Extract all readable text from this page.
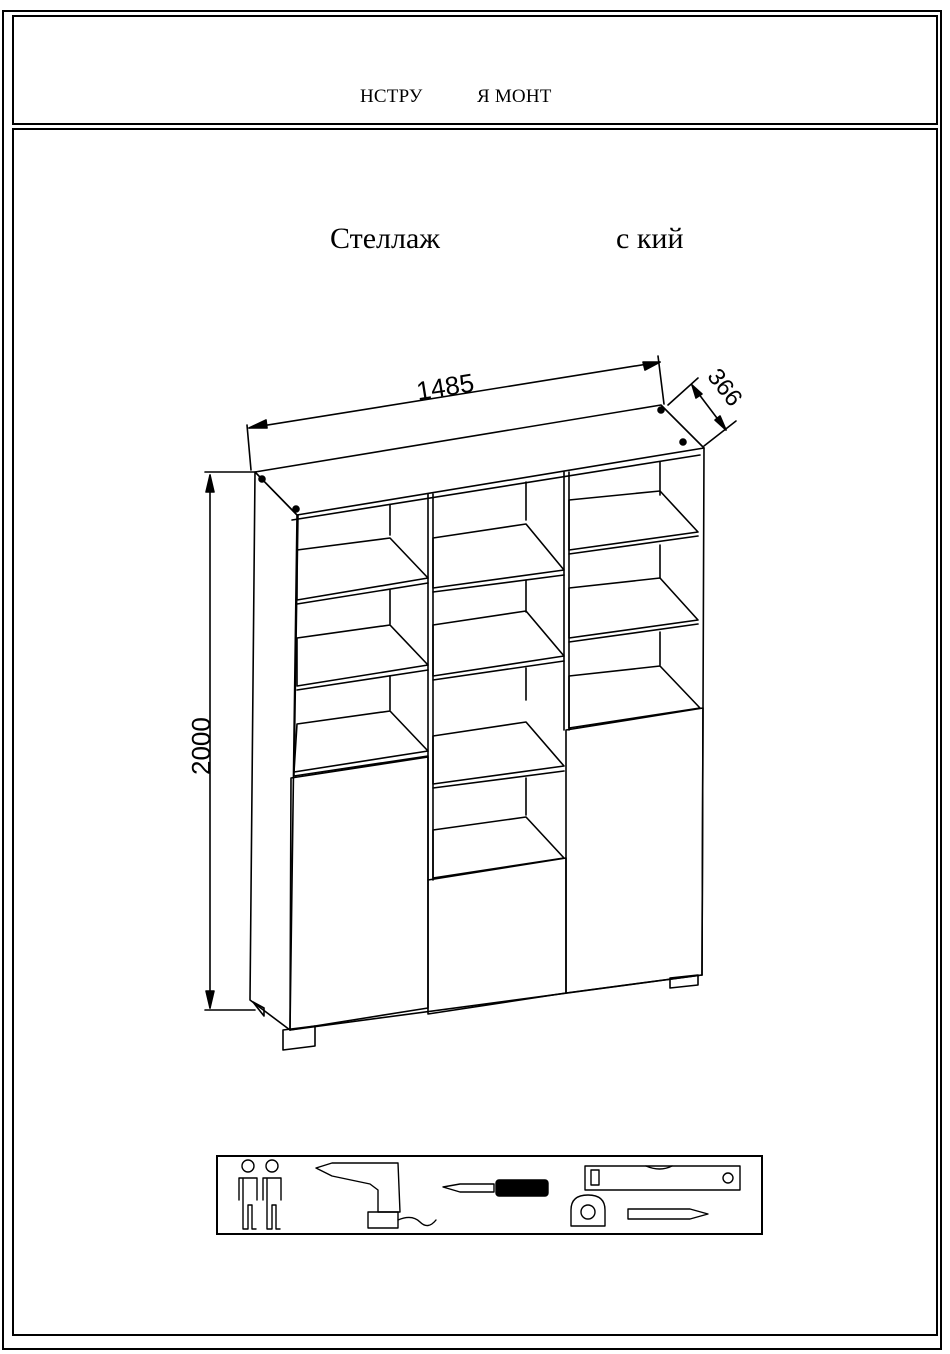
НСТРУ	Я МОНТ
Стеллаж	с кий
1485	366
2000
